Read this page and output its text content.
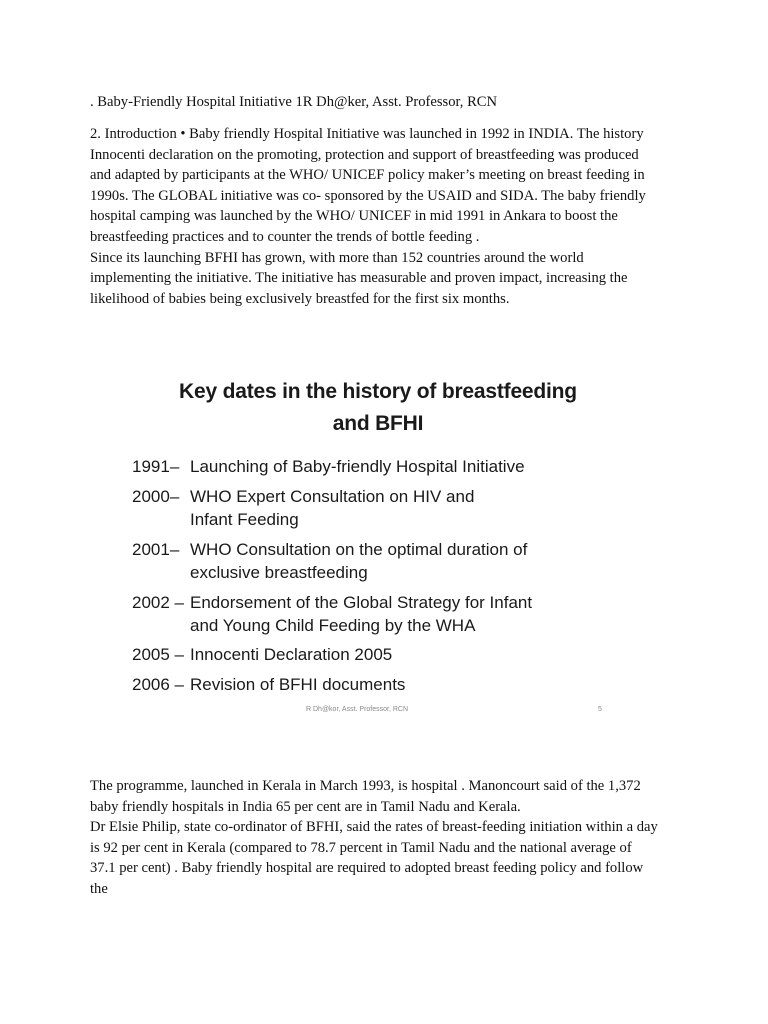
. Baby-Friendly Hospital Initiative 1R Dh@ker, Asst. Professor, RCN

2. Introduction • Baby friendly Hospital Initiative was launched in 1992 in INDIA. The history
Innocenti declaration on the promoting, protection and support of breastfeeding was produced
and adapted by participants at the WHO/ UNICEF policy maker’s meeting on breast feeding in
1990s. The GLOBAL initiative was co- sponsored by the USAID and SIDA. The baby friendly
hospital camping was launched by the WHO/ UNICEF in mid 1991 in Ankara to boost the
breastfeeding practices and to counter the trends of bottle feeding .
Since its launching BFHI has grown, with more than 152 countries around the world
implementing the initiative. The initiative has measurable and proven impact, increasing the
likelihood of babies being exclusively breastfed for the first six months.
Key dates in the history of breastfeeding
and BFHI
1991– Launching of Baby-friendly Hospital Initiative
2000– WHO Expert Consultation on HIV and
Infant Feeding
2001– WHO Consultation on the optimal duration of
exclusive breastfeeding
2002 – Endorsement of the Global Strategy for Infant
and Young Child Feeding by the WHA
2005 – Innocenti Declaration 2005
2006 – Revision of BFHI documents
R Dh@kor, Asst. Professor, RCN	5
The programme, launched in Kerala in March 1993, is hospital . Manoncourt said of the 1,372
baby friendly hospitals in India 65 per cent are in Tamil Nadu and Kerala.
Dr Elsie Philip, state co-ordinator of BFHI, said the rates of breast-feeding initiation within a day
is 92 per cent in Kerala (compared to 78.7 percent in Tamil Nadu and the national average of
37.1 per cent) . Baby friendly hospital are required to adopted breast feeding policy and follow
the
